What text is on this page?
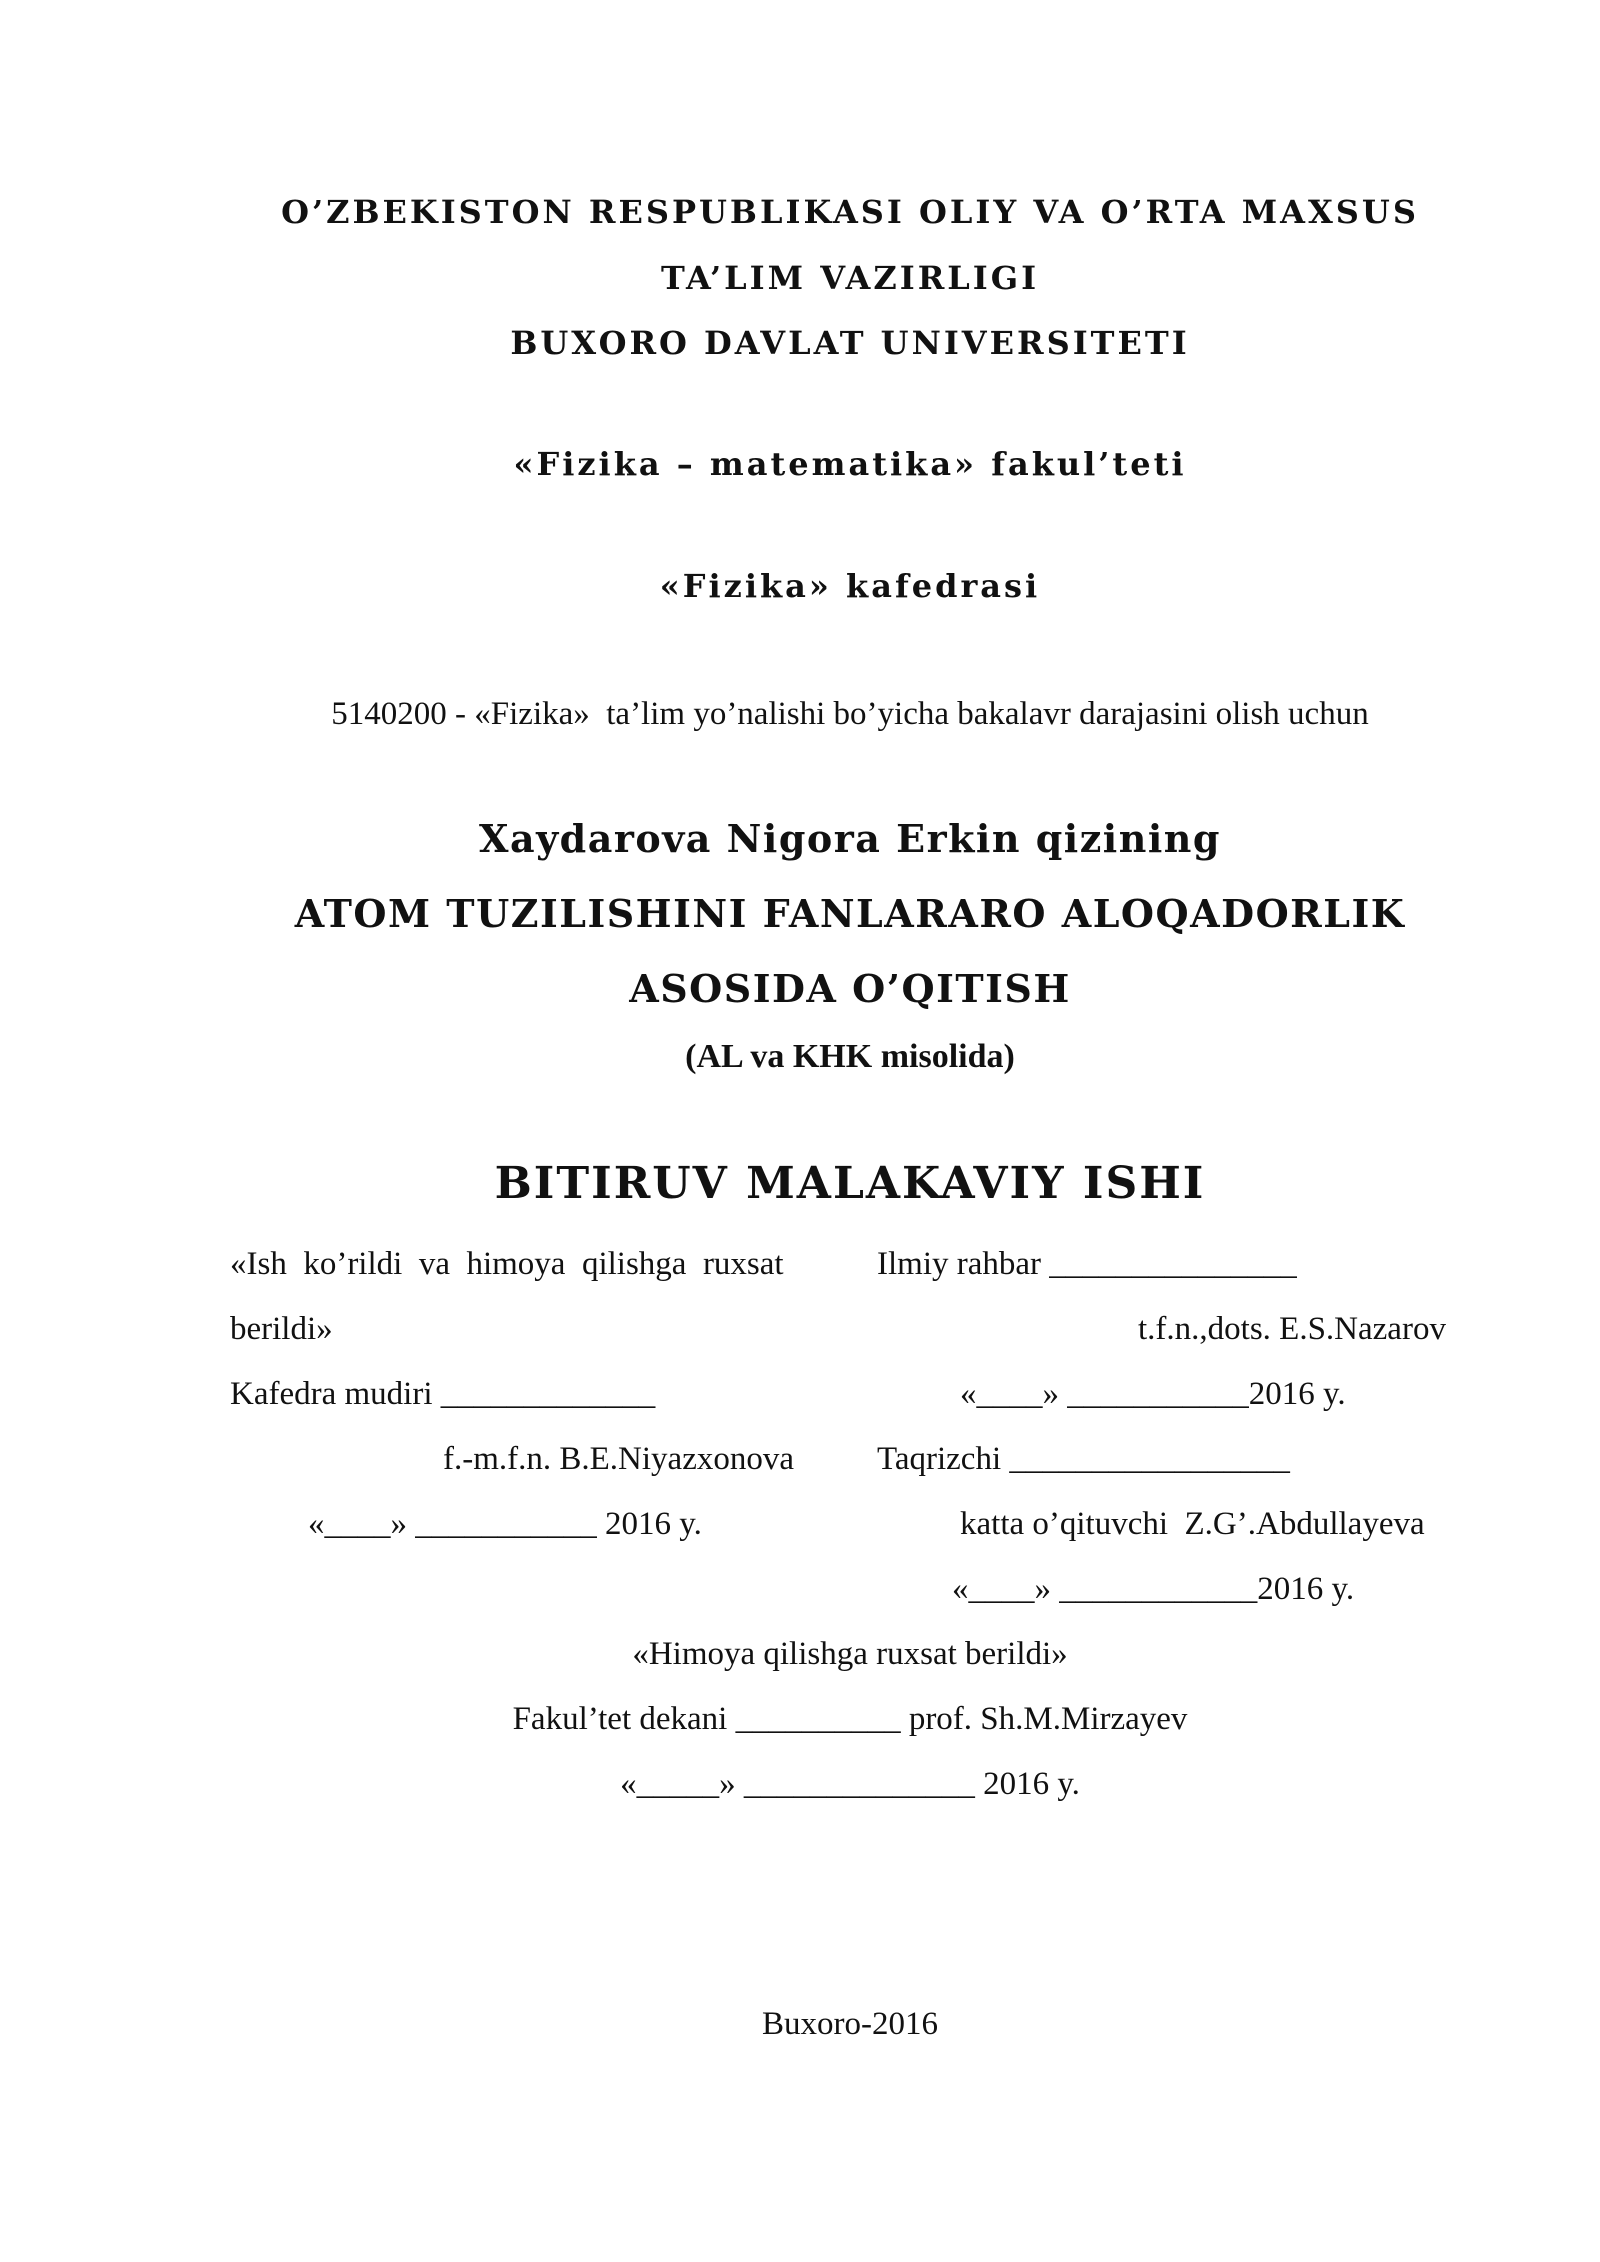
O’ZBEKISTON RESPUBLIKASI OLIY VA O’RTA MAXSUS
TA’LIM VAZIRLIGI
BUXORO DAVLAT UNIVERSITETI
«Fizika – matematika» fakul’teti
«Fizika» kafedrasi
5140200 - «Fizika»  ta’lim yo’nalishi bo’yicha bakalavr darajasini olish uchun
Xaydarova Nigora Erkin qizining
ATOM TUZILISHINI FANLARARO ALOQADORLIK
ASOSIDA O’QITISH
(AL va KHK misolida)
BITIRUV MALAKAVIY ISHI
«Ish  ko’rildi  va  himoya  qilishga  ruxsat
berildi»
Kafedra mudiri _____________
f.-m.f.n. B.E.Niyazxonova
«____» ___________ 2016 y.
Ilmiy rahbar _______________
t.f.n.,dots. E.S.Nazarov
«____» ___________2016 y.
Taqrizchi _________________
katta o’qituvchi  Z.G’.Abdullayeva
«____» ____________2016 y.
«Himoya qilishga ruxsat berildi»
Fakul’tet dekani __________ prof. Sh.M.Mirzayev
«_____» ______________ 2016 y.
Buxoro-2016
